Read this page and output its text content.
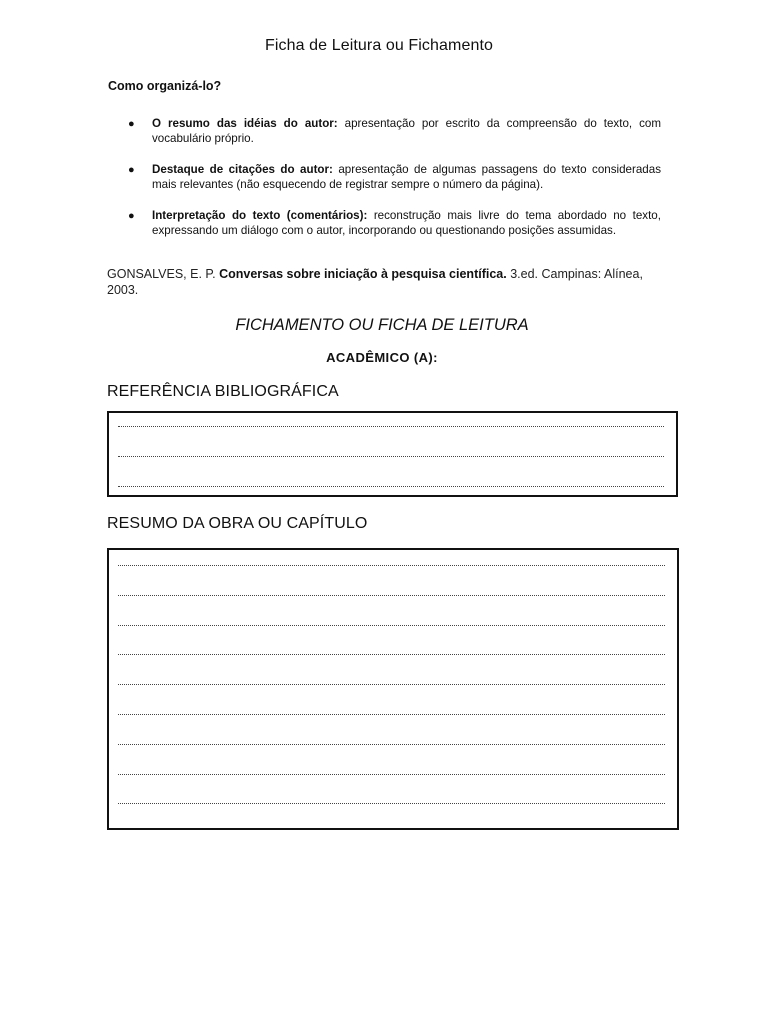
Ficha de Leitura ou Fichamento
Como organizá-lo?
● O resumo das idéias do autor: apresentação por escrito da compreensão do texto, com vocabulário próprio.
● Destaque de citações do autor: apresentação de algumas passagens do texto consideradas mais relevantes (não esquecendo de registrar sempre o número da página).
● Interpretação do texto (comentários): reconstrução mais livre do tema abordado no texto, expressando um diálogo com o autor, incorporando ou questionando posições assumidas.
GONSALVES, E. P. Conversas sobre iniciação à pesquisa científica. 3.ed. Campinas: Alínea, 2003.
FICHAMENTO OU FICHA DE LEITURA
ACADÊMICO (A):
REFERÊNCIA BIBLIOGRÁFICA
RESUMO DA OBRA OU CAPÍTULO
